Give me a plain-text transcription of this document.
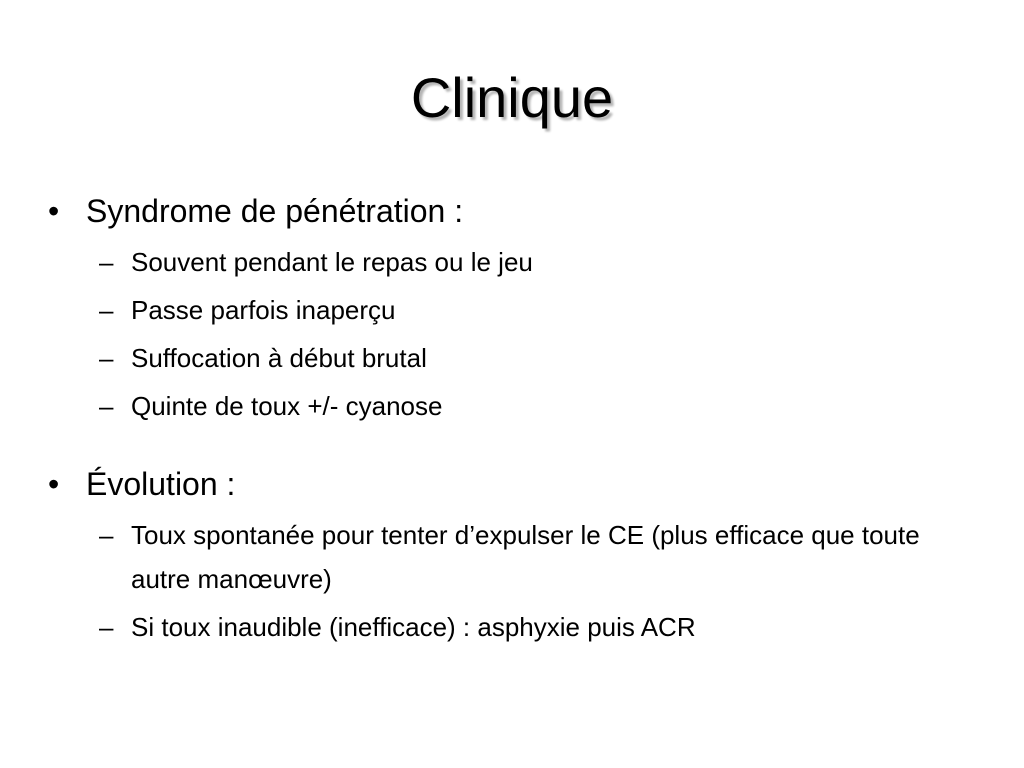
Clinique
• Syndrome de pénétration :
– Souvent pendant le repas ou le jeu
– Passe parfois inaperçu
– Suffocation à début brutal
– Quinte de toux +/- cyanose
• Évolution :
– Toux spontanée pour tenter d’expulser le CE (plus efficace que toute autre manœuvre)
– Si toux inaudible (inefficace) : asphyxie puis ACR
